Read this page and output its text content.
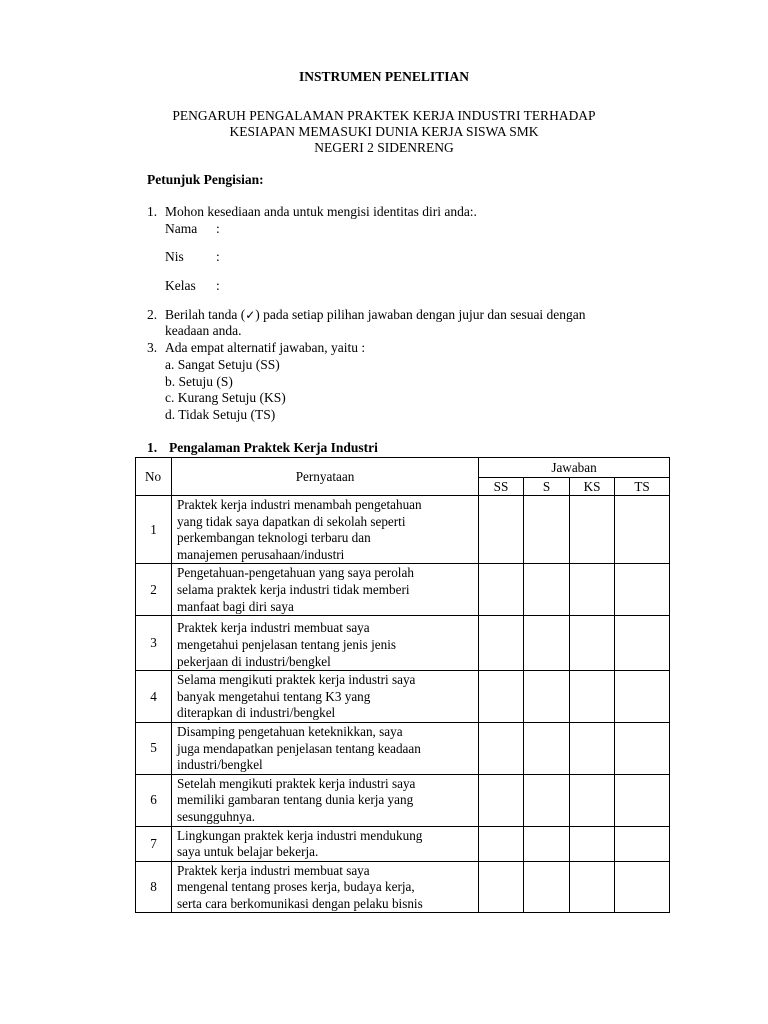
INSTRUMEN PENELITIAN
PENGARUH PENGALAMAN PRAKTEK KERJA INDUSTRI TERHADAP
KESIAPAN MEMASUKI DUNIA KERJA SISWA SMK
NEGERI 2 SIDENRENG
Petunjuk Pengisian:
1. Mohon kesediaan anda untuk mengisi identitas diri anda:.
Nama :
Nis :
Kelas :
2. Berilah tanda (✓) pada setiap pilihan jawaban dengan jujur dan sesuai dengan
keadaan anda.
3. Ada empat alternatif jawaban, yaitu :
a. Sangat Setuju (SS)
b. Setuju (S)
c. Kurang Setuju (KS)
d. Tidak Setuju (TS)
1. Pengalaman Praktek Kerja Industri
No	Pernyataan	Jawaban			
		SS	S	KS	TS
1	Praktek kerja industri menambah pengetahuan
yang tidak saya dapatkan di sekolah seperti
perkembangan teknologi terbaru dan
manajemen perusahaan/industri				

2	Pengetahuan-pengetahuan yang saya perolah
selama praktek kerja industri tidak memberi
manfaat bagi diri saya				

3	Praktek kerja industri membuat saya
mengetahui penjelasan tentang jenis jenis
pekerjaan di industri/bengkel				

4	Selama mengikuti praktek kerja industri saya
banyak mengetahui tentang K3 yang
diterapkan di industri/bengkel				

5	Disamping pengetahuan keteknikkan, saya
juga mendapatkan penjelasan tentang keadaan
industri/bengkel				

6	Setelah mengikuti praktek kerja industri saya
memiliki gambaran tentang dunia kerja yang
sesungguhnya.				

7	Lingkungan praktek kerja industri mendukung
saya untuk belajar bekerja.				

8	Praktek kerja industri membuat saya
mengenal tentang proses kerja, budaya kerja,
serta cara berkomunikasi dengan pelaku bisnis				
